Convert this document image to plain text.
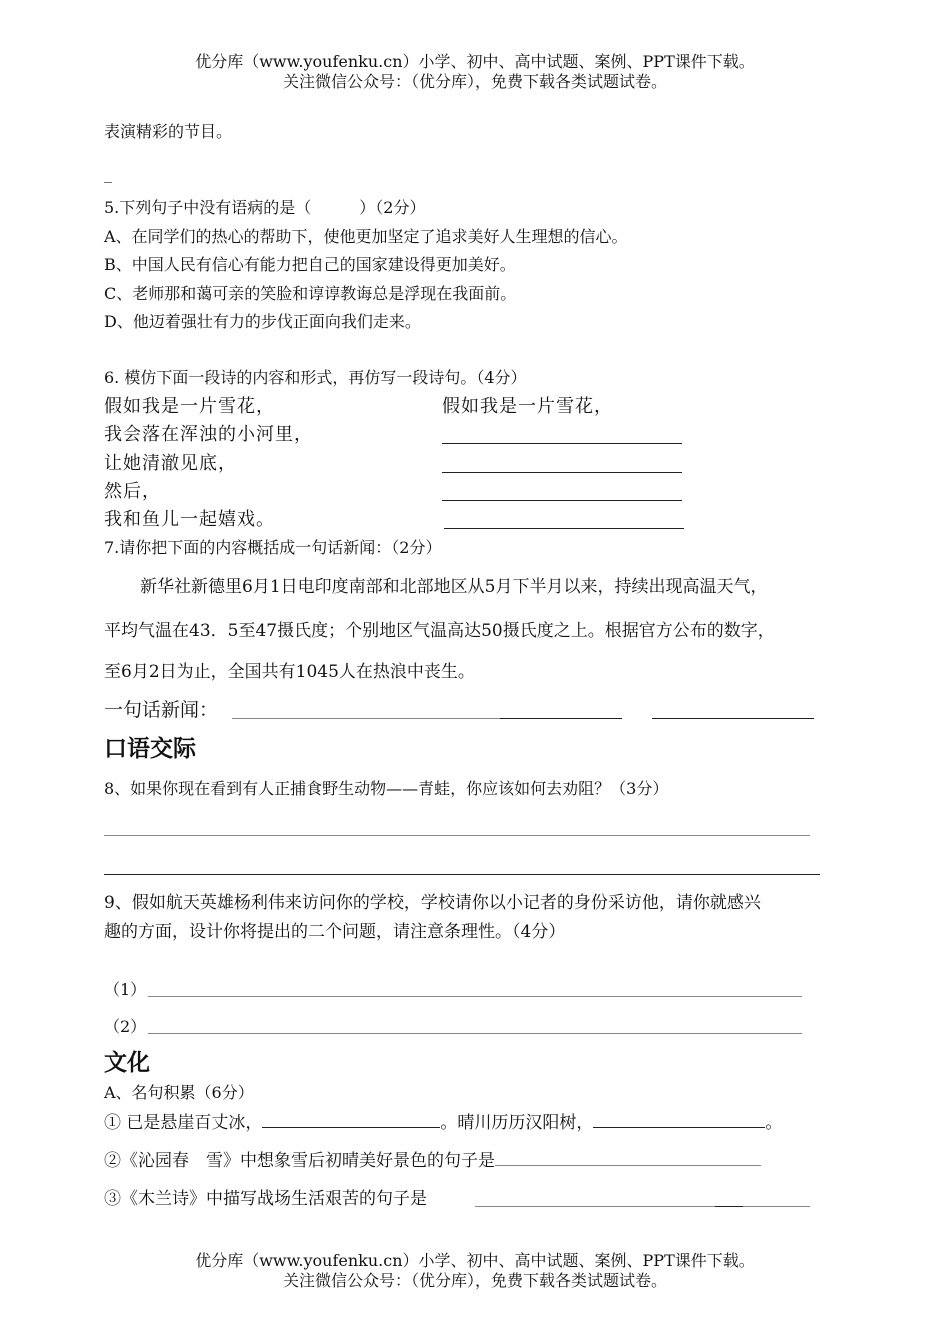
优分库（www.youfenku.cn）小学、初中、高中试题、案例、PPT课件下载。
关注微信公众号：（优分库），免费下载各类试题试卷。
表演精彩的节目。
_
5.下列句子中没有语病的是（　　　）（2分）
A、在同学们的热心的帮助下，使他更加坚定了追求美好人生理想的信心。
B、中国人民有信心有能力把自己的国家建设得更加美好。
C、老师那和蔼可亲的笑脸和谆谆教诲总是浮现在我面前。
D、他迈着强壮有力的步伐正面向我们走来。
6. 模仿下面一段诗的内容和形式，再仿写一段诗句。（4分）
假如我是一片雪花，
我会落在浑浊的小河里，
让她清澈见底，
然后，
我和鱼儿一起嬉戏。
假如我是一片雪花，
7.请你把下面的内容概括成一句话新闻：（2分）
新华社新德里6月1日电印度南部和北部地区从5月下半月以来，持续出现高温天气，
平均气温在43．5至47摄氏度；个别地区气温高达50摄氏度之上。根据官方公布的数字，
至6月2日为止，全国共有1045人在热浪中丧生。
一句话新闻：
口语交际
8、如果你现在看到有人正捕食野生动物——青蛙，你应该如何去劝阻？（3分）
9、假如航天英雄杨利伟来访问你的学校，学校请你以小记者的身份采访他，请你就感兴
趣的方面，设计你将提出的二个问题，请注意条理性。（4分）
（1）
（2）
文化
A、名句积累（6分）
① 已是悬崖百丈冰，	。晴川历历汉阳树，	。
②《沁园春　雪》中想象雪后初晴美好景色的句子是
③《木兰诗》中描写战场生活艰苦的句子是
优分库（www.youfenku.cn）小学、初中、高中试题、案例、PPT课件下载。
关注微信公众号：（优分库），免费下载各类试题试卷。
